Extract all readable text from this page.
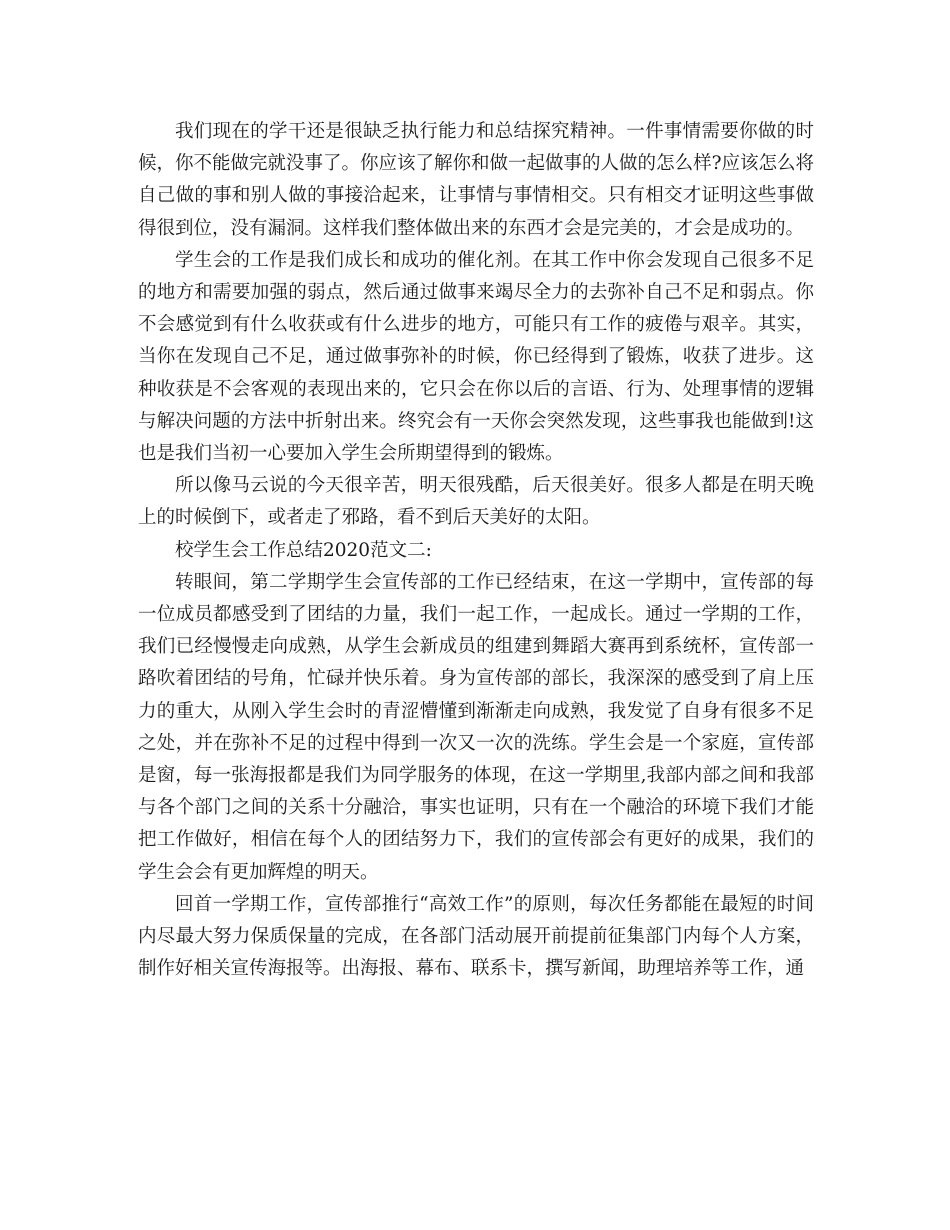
我们现在的学干还是很缺乏执行能力和总结探究精神。一件事情需要你做的时候，你不能做完就没事了。你应该了解你和做一起做事的人做的怎么样?应该怎么将自己做的事和别人做的事接洽起来，让事情与事情相交。只有相交才证明这些事做得很到位，没有漏洞。这样我们整体做出来的东西才会是完美的，才会是成功的。

学生会的工作是我们成长和成功的催化剂。在其工作中你会发现自己很多不足的地方和需要加强的弱点，然后通过做事来竭尽全力的去弥补自己不足和弱点。你不会感觉到有什么收获或有什么进步的地方，可能只有工作的疲倦与艰辛。其实，当你在发现自己不足，通过做事弥补的时候，你已经得到了锻炼，收获了进步。这种收获是不会客观的表现出来的，它只会在你以后的言语、行为、处理事情的逻辑与解决问题的方法中折射出来。终究会有一天你会突然发现，这些事我也能做到!这也是我们当初一心要加入学生会所期望得到的锻炼。

所以像马云说的今天很辛苦，明天很残酷，后天很美好。很多人都是在明天晚上的时候倒下，或者走了邪路，看不到后天美好的太阳。

校学生会工作总结2020范文二:

转眼间，第二学期学生会宣传部的工作已经结束，在这一学期中，宣传部的每一位成员都感受到了团结的力量，我们一起工作，一起成长。通过一学期的工作，我们已经慢慢走向成熟，从学生会新成员的组建到舞蹈大赛再到系统杯，宣传部一路吹着团结的号角，忙碌并快乐着。身为宣传部的部长，我深深的感受到了肩上压力的重大，从刚入学生会时的青涩懵懂到渐渐走向成熟，我发觉了自身有很多不足之处，并在弥补不足的过程中得到一次又一次的洗练。学生会是一个家庭，宣传部是窗，每一张海报都是我们为同学服务的体现，在这一学期里,我部内部之间和我部与各个部门之间的关系十分融洽，事实也证明，只有在一个融洽的环境下我们才能把工作做好，相信在每个人的团结努力下，我们的宣传部会有更好的成果，我们的学生会会有更加辉煌的明天。

回首一学期工作，宣传部推行“高效工作”的原则，每次任务都能在最短的时间内尽最大努力保质保量的完成，在各部门活动展开前提前征集部门内每个人方案，制作好相关宣传海报等。出海报、幕布、联系卡，撰写新闻，助理培养等工作，通
